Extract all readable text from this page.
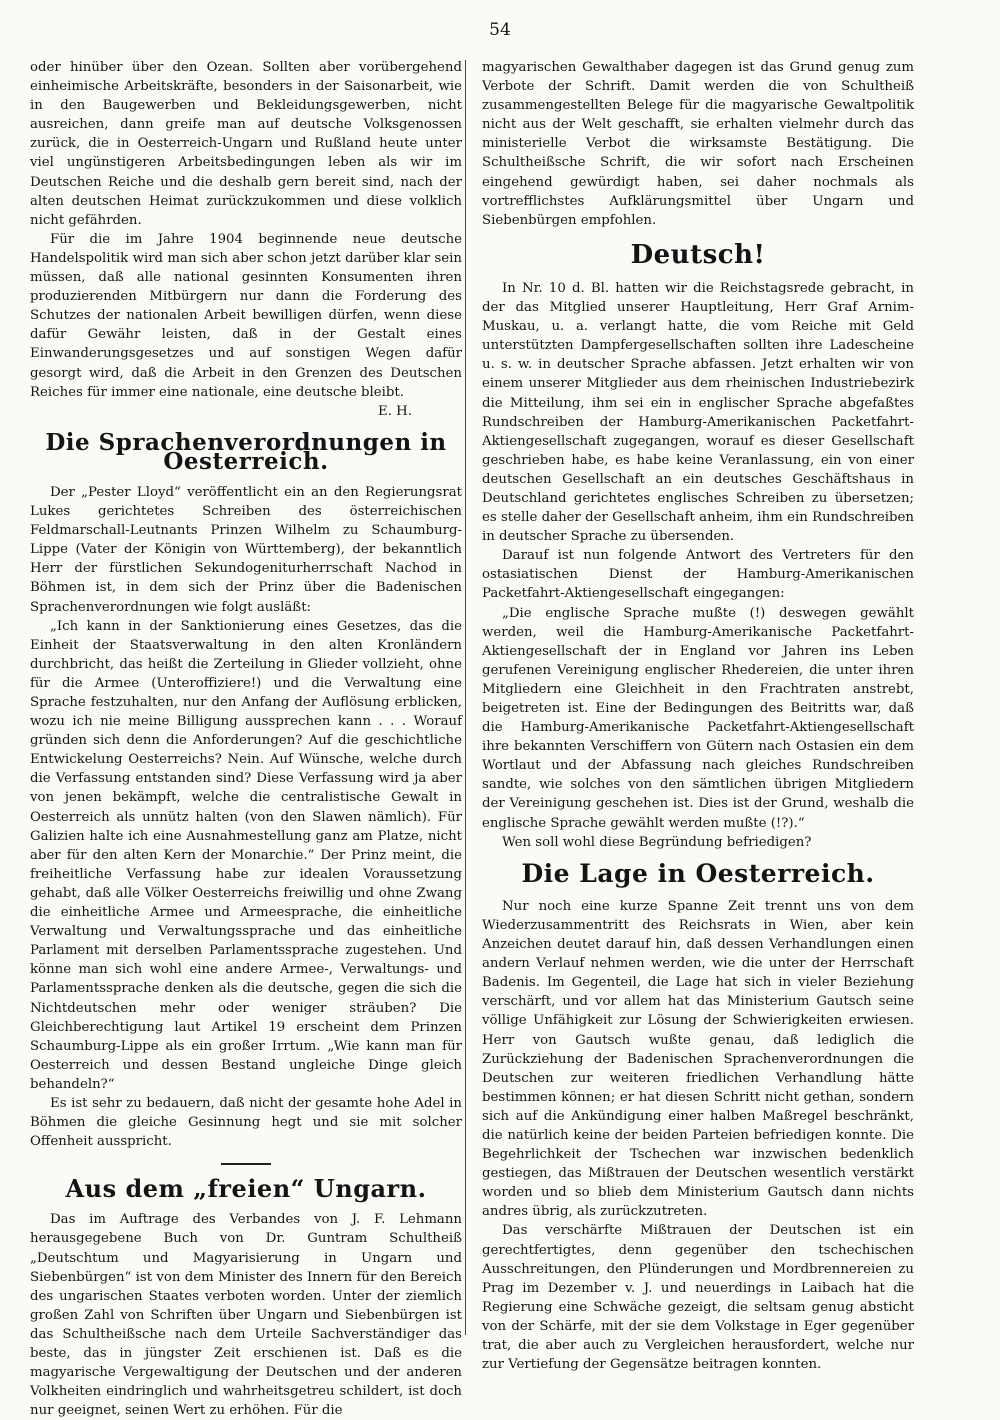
54

oder hinüber über den Ozean. Sollten aber vorübergehend einheimische Arbeitskräfte, besonders in der Saisonarbeit, wie in den Baugewerben und Bekleidungsgewerben, nicht ausreichen, dann greife man auf deutsche Volksgenossen zurück, die in Oesterreich-Ungarn und Rußland heute unter viel ungünstigeren Arbeitsbedingungen leben als wir im Deutschen Reiche und die deshalb gern bereit sind, nach der alten deutschen Heimat zurückzukommen und diese volklich nicht gefährden.

Für die im Jahre 1904 beginnende neue deutsche Handelspolitik wird man sich aber schon jetzt darüber klar sein müssen, daß alle national gesinnten Konsumenten ihren produzierenden Mitbürgern nur dann die Forderung des Schutzes der nationalen Arbeit bewilligen dürfen, wenn diese dafür Gewähr leisten, daß in der Gestalt eines Einwanderungsgesetzes und auf sonstigen Wegen dafür gesorgt wird, daß die Arbeit in den Grenzen des Deutschen Reiches für immer eine nationale, eine deutsche bleibt.

E. H.

Die Sprachenverordnungen in Oesterreich.

Der „Pester Lloyd“ veröffentlicht ein an den Regierungsrat Lukes gerichtetes Schreiben des österreichischen Feldmarschall-Leutnants Prinzen Wilhelm zu Schaumburg-Lippe (Vater der Königin von Württemberg), der bekanntlich Herr der fürstlichen Sekundogeniturherrschaft Nachod in Böhmen ist, in dem sich der Prinz über die Badenischen Sprachenverordnungen wie folgt ausläßt:

„Ich kann in der Sanktionierung eines Gesetzes, das die Einheit der Staatsverwaltung in den alten Kronländern durchbricht, das heißt die Zerteilung in Glieder vollzieht, ohne für die Armee (Unteroffiziere!) und die Verwaltung eine Sprache festzuhalten, nur den Anfang der Auflösung erblicken, wozu ich nie meine Billigung aussprechen kann . . . Worauf gründen sich denn die Anforderungen? Auf die geschichtliche Entwickelung Oesterreichs? Nein. Auf Wünsche, welche durch die Verfassung entstanden sind? Diese Verfassung wird ja aber von jenen bekämpft, welche die centralistische Gewalt in Oesterreich als unnütz halten (von den Slawen nämlich). Für Galizien halte ich eine Ausnahmestellung ganz am Platze, nicht aber für den alten Kern der Monarchie.“ Der Prinz meint, die freiheitliche Verfassung habe zur idealen Voraussetzung gehabt, daß alle Völker Oesterreichs freiwillig und ohne Zwang die einheitliche Armee und Armeesprache, die einheitliche Verwaltung und Verwaltungssprache und das einheitliche Parlament mit derselben Parlamentssprache zugestehen. Und könne man sich wohl eine andere Armee-, Verwaltungs- und Parlamentssprache denken als die deutsche, gegen die sich die Nichtdeutschen mehr oder weniger sträuben? Die Gleichberechtigung laut Artikel 19 erscheint dem Prinzen Schaumburg-Lippe als ein großer Irrtum. „Wie kann man für Oesterreich und dessen Bestand ungleiche Dinge gleich behandeln?“

Es ist sehr zu bedauern, daß nicht der gesamte hohe Adel in Böhmen die gleiche Gesinnung hegt und sie mit solcher Offenheit ausspricht.

Aus dem „freien“ Ungarn.

Das im Auftrage des Verbandes von J. F. Lehmann herausgegebene Buch von Dr. Guntram Schultheiß „Deutschtum und Magyarisierung in Ungarn und Siebenbürgen“ ist von dem Minister des Innern für den Bereich des ungarischen Staates verboten worden. Unter der ziemlich großen Zahl von Schriften über Ungarn und Siebenbürgen ist das Schultheißsche nach dem Urteile Sachverständiger das beste, das in jüngster Zeit erschienen ist. Daß es die magyarische Vergewaltigung der Deutschen und der anderen Volkheiten eindringlich und wahrheitsgetreu schildert, ist doch nur geeignet, seinen Wert zu erhöhen. Für die

magyarischen Gewalthaber dagegen ist das Grund genug zum Verbote der Schrift. Damit werden die von Schultheiß zusammengestellten Belege für die magyarische Gewaltpolitik nicht aus der Welt geschafft, sie erhalten vielmehr durch das ministerielle Verbot die wirksamste Bestätigung. Die Schultheißsche Schrift, die wir sofort nach Erscheinen eingehend gewürdigt haben, sei daher nochmals als vortrefflichstes Aufklärungsmittel über Ungarn und Siebenbürgen empfohlen.

Deutsch!

In Nr. 10 d. Bl. hatten wir die Reichstagsrede gebracht, in der das Mitglied unserer Hauptleitung, Herr Graf Arnim-Muskau, u. a. verlangt hatte, die vom Reiche mit Geld unterstützten Dampfergesellschaften sollten ihre Ladescheine u. s. w. in deutscher Sprache abfassen. Jetzt erhalten wir von einem unserer Mitglieder aus dem rheinischen Industriebezirk die Mitteilung, ihm sei ein in englischer Sprache abgefaßtes Rundschreiben der Hamburg-Amerikanischen Packetfahrt-Aktiengesellschaft zugegangen, worauf es dieser Gesellschaft geschrieben habe, es habe keine Veranlassung, ein von einer deutschen Gesellschaft an ein deutsches Geschäftshaus in Deutschland gerichtetes englisches Schreiben zu übersetzen; es stelle daher der Gesellschaft anheim, ihm ein Rundschreiben in deutscher Sprache zu übersenden.

Darauf ist nun folgende Antwort des Vertreters für den ostasiatischen Dienst der Hamburg-Amerikanischen Packetfahrt-Aktiengesellschaft eingegangen:

„Die englische Sprache mußte (!) deswegen gewählt werden, weil die Hamburg-Amerikanische Packetfahrt-Aktiengesellschaft der in England vor Jahren ins Leben gerufenen Vereinigung englischer Rhedereien, die unter ihren Mitgliedern eine Gleichheit in den Frachtraten anstrebt, beigetreten ist. Eine der Bedingungen des Beitritts war, daß die Hamburg-Amerikanische Packetfahrt-Aktiengesellschaft ihre bekannten Verschiffern von Gütern nach Ostasien ein dem Wortlaut und der Abfassung nach gleiches Rundschreiben sandte, wie solches von den sämtlichen übrigen Mitgliedern der Vereinigung geschehen ist. Dies ist der Grund, weshalb die englische Sprache gewählt werden mußte (!?).“

Wen soll wohl diese Begründung befriedigen?

Die Lage in Oesterreich.

Nur noch eine kurze Spanne Zeit trennt uns von dem Wiederzusammentritt des Reichsrats in Wien, aber kein Anzeichen deutet darauf hin, daß dessen Verhandlungen einen andern Verlauf nehmen werden, wie die unter der Herrschaft Badenis. Im Gegenteil, die Lage hat sich in vieler Beziehung verschärft, und vor allem hat das Ministerium Gautsch seine völlige Unfähigkeit zur Lösung der Schwierigkeiten erwiesen. Herr von Gautsch wußte genau, daß lediglich die Zurückziehung der Badenischen Sprachenverordnungen die Deutschen zur weiteren friedlichen Verhandlung hätte bestimmen können; er hat diesen Schritt nicht gethan, sondern sich auf die Ankündigung einer halben Maßregel beschränkt, die natürlich keine der beiden Parteien befriedigen konnte. Die Begehrlichkeit der Tschechen war inzwischen bedenklich gestiegen, das Mißtrauen der Deutschen wesentlich verstärkt worden und so blieb dem Ministerium Gautsch dann nichts andres übrig, als zurückzutreten.

Das verschärfte Mißtrauen der Deutschen ist ein gerechtfertigtes, denn gegenüber den tschechischen Ausschreitungen, den Plünderungen und Mordbrennereien zu Prag im Dezember v. J. und neuerdings in Laibach hat die Regierung eine Schwäche gezeigt, die seltsam genug absticht von der Schärfe, mit der sie dem Volkstage in Eger gegenüber trat, die aber auch zu Vergleichen herausfordert, welche nur zur Vertiefung der Gegensätze beitragen konnten.
